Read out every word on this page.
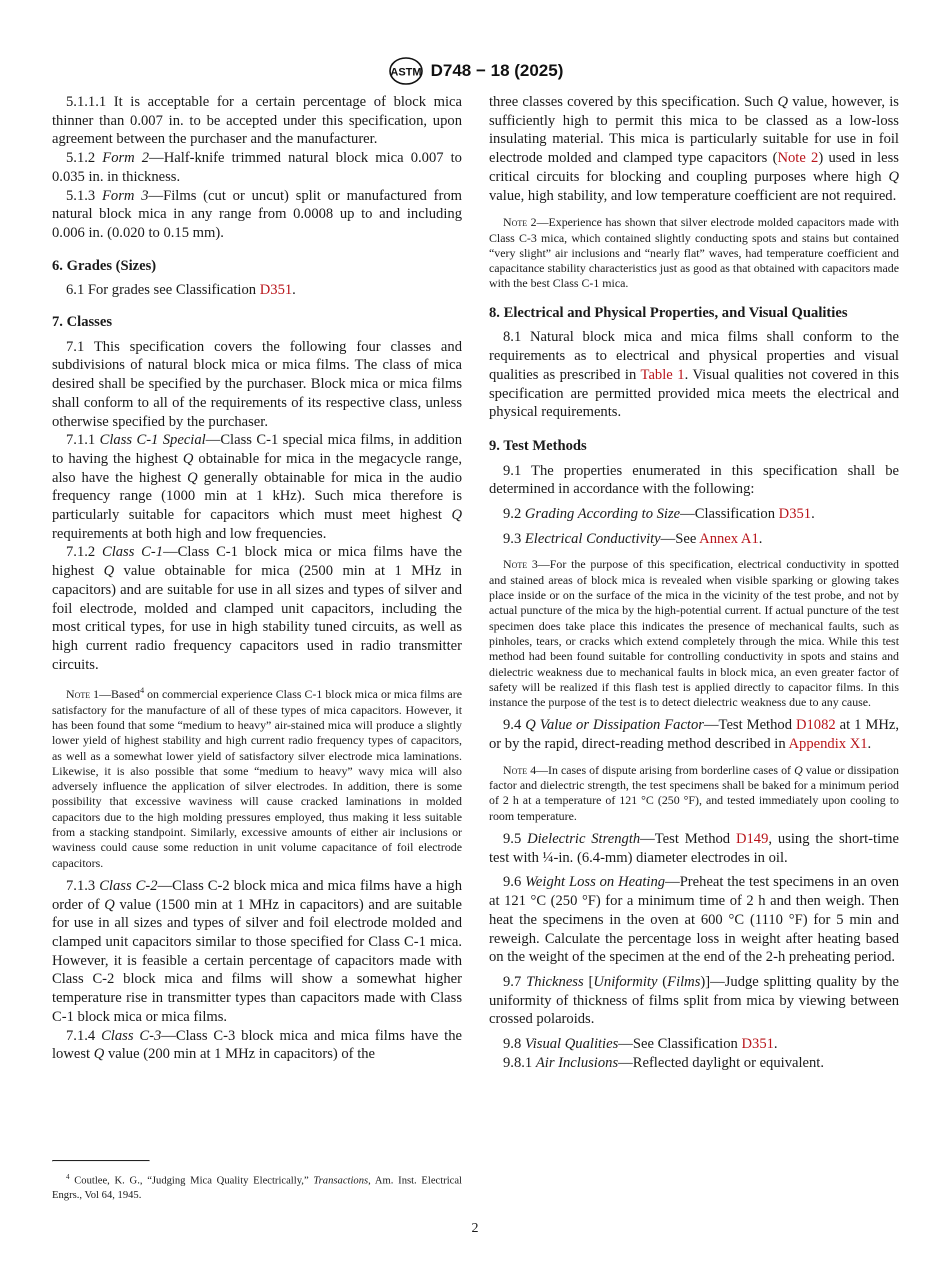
ASTM D748 − 18 (2025)

5.1.1.1 It is acceptable for a certain percentage of block mica thinner than 0.007 in. to be accepted under this specification, upon agreement between the purchaser and the manufacturer.

5.1.2 Form 2—Half-knife trimmed natural block mica 0.007 to 0.035 in. in thickness.

5.1.3 Form 3—Films (cut or uncut) split or manufactured from natural block mica in any range from 0.0008 up to and including 0.006 in. (0.020 to 0.15 mm).

6. Grades (Sizes)

6.1 For grades see Classification D351.

7. Classes

7.1 This specification covers the following four classes and subdivisions of natural block mica or mica films. The class of mica desired shall be specified by the purchaser. Block mica or mica films shall conform to all of the requirements of its respective class, unless otherwise specified by the purchaser.

7.1.1 Class C-1 Special—Class C-1 special mica films, in addition to having the highest Q obtainable for mica in the megacycle range, also have the highest Q generally obtainable for mica in the audio frequency range (1000 min at 1 kHz). Such mica therefore is particularly suitable for capacitors which must meet highest Q requirements at both high and low frequencies.

7.1.2 Class C-1—Class C-1 block mica or mica films have the highest Q value obtainable for mica (2500 min at 1 MHz in capacitors) and are suitable for use in all sizes and types of silver and foil electrode, molded and clamped unit capacitors, including the most critical types, for use in high stability tuned circuits, as well as high current radio frequency capacitors used in radio transmitter circuits.

Note 1—Based$^4$ on commercial experience Class C-1 block mica or mica films are satisfactory for the manufacture of all of these types of mica capacitors. However, it has been found that some “medium to heavy” air-stained mica will produce a slightly lower yield of highest stability and high current radio frequency types of capacitors, as well as a somewhat lower yield of satisfactory silver electrode mica laminations. Likewise, it is also possible that some “medium to heavy” wavy mica will also adversely influence the application of silver electrodes. In addition, there is some possibility that excessive waviness will cause cracked laminations in molded capacitors due to the high molding pressures employed, thus making it less suitable from a stacking standpoint. Similarly, excessive amounts of either air inclusions or waviness could cause some reduction in unit volume capacitance of foil electrode capacitors.

7.1.3 Class C-2—Class C-2 block mica and mica films have a high order of Q value (1500 min at 1 MHz in capacitors) and are suitable for use in all sizes and types of silver and foil electrode molded and clamped unit capacitors similar to those specified for Class C-1 mica. However, it is feasible a certain percentage of capacitors made with Class C-2 block mica and films will show a somewhat higher temperature rise in transmitter types than capacitors made with Class C-1 block mica or mica films.

7.1.4 Class C-3—Class C-3 block mica and mica films have the lowest Q value (200 min at 1 MHz in capacitors) of the

$^4$ Coutlee, K. G., “Judging Mica Quality Electrically,” Transactions, Am. Inst. Electrical Engrs., Vol 64, 1945.

three classes covered by this specification. Such Q value, however, is sufficiently high to permit this mica to be classed as a low-loss insulating material. This mica is particularly suitable for use in foil electrode molded and clamped type capacitors (Note 2) used in less critical circuits for blocking and coupling purposes where high Q value, high stability, and low temperature coefficient are not required.

Note 2—Experience has shown that silver electrode molded capacitors made with Class C-3 mica, which contained slightly conducting spots and stains but contained “very slight” air inclusions and “nearly flat” waves, had temperature coefficient and capacitance stability characteristics just as good as that obtained with capacitors made with the best Class C-1 mica.

8. Electrical and Physical Properties, and Visual Qualities

8.1 Natural block mica and mica films shall conform to the requirements as to electrical and physical properties and visual qualities as prescribed in Table 1. Visual qualities not covered in this specification are permitted provided mica meets the electrical and physical requirements.

9. Test Methods

9.1 The properties enumerated in this specification shall be determined in accordance with the following:

9.2 Grading According to Size—Classification D351.

9.3 Electrical Conductivity—See Annex A1.

Note 3—For the purpose of this specification, electrical conductivity in spotted and stained areas of block mica is revealed when visible sparking or glowing takes place inside or on the surface of the mica in the vicinity of the test probe, and not by actual puncture of the mica by the high-potential current. If actual puncture of the test specimen does take place this indicates the presence of mechanical faults, such as pinholes, tears, or cracks which extend completely through the mica. While this test method had been found suitable for controlling conductivity in spots and stains and dielectric weakness due to mechanical faults in block mica, an even greater factor of safety will be realized if this flash test is applied directly to capacitor films. In this instance the purpose of the test is to detect dielectric weakness due to any cause.

9.4 Q Value or Dissipation Factor—Test Method D1082 at 1 MHz, or by the rapid, direct-reading method described in Appendix X1.

Note 4—In cases of dispute arising from borderline cases of Q value or dissipation factor and dielectric strength, the test specimens shall be baked for a minimum period of 2 h at a temperature of 121 °C (250 °F), and tested immediately upon cooling to room temperature.

9.5 Dielectric Strength—Test Method D149, using the short-time test with ¼-in. (6.4-mm) diameter electrodes in oil.

9.6 Weight Loss on Heating—Preheat the test specimens in an oven at 121 °C (250 °F) for a minimum time of 2 h and then weigh. Then heat the specimens in the oven at 600 °C (1110 °F) for 5 min and reweigh. Calculate the percentage loss in weight after heating based on the weight of the specimen at the end of the 2-h preheating period.

9.7 Thickness [Uniformity (Films)]—Judge splitting quality by the uniformity of thickness of films split from mica by viewing between crossed polaroids.

9.8 Visual Qualities—See Classification D351.

9.8.1 Air Inclusions—Reflected daylight or equivalent.

2
